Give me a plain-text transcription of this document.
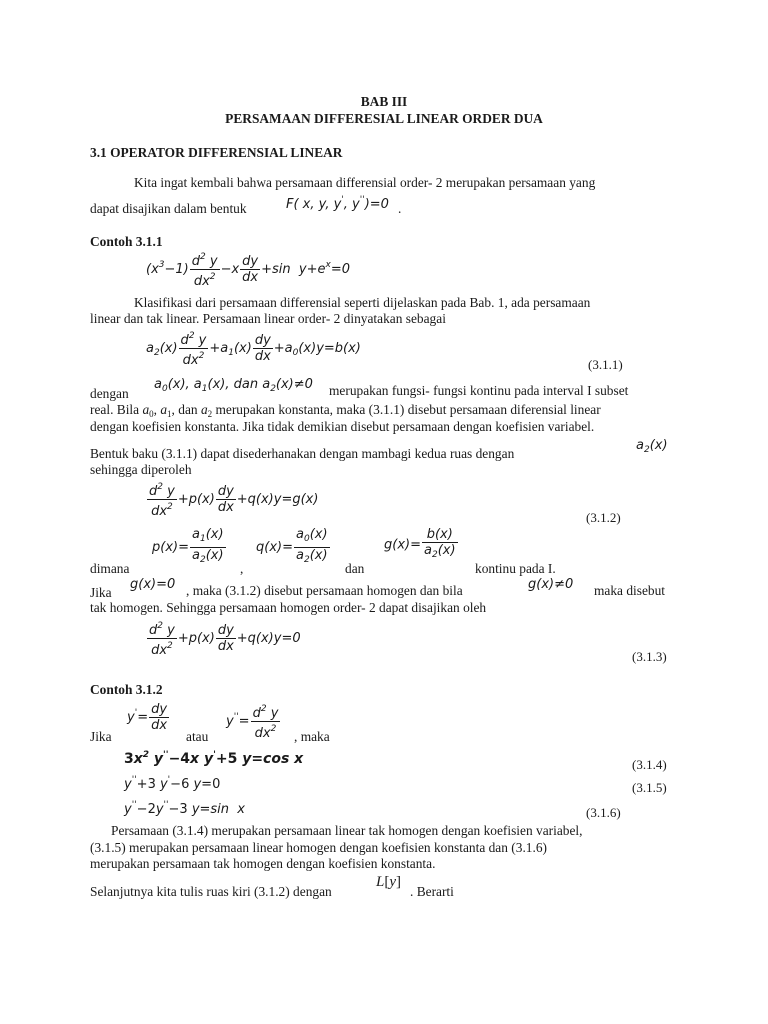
BAB III
PERSAMAAN DIFFERESIAL LINEAR ORDER DUA
3.1 OPERATOR DIFFERENSIAL LINEAR
Kita ingat kembali bahwa persamaan differensial order- 2 merupakan persamaan yang
dapat disajikan dalam bentuk	F( x, y, y', y'')=0 .
Contoh 3.1.1
$(x^3-1) \frac{d^2 y}{dx^2} -x \frac{dy}{dx} +\sin$  $y+e^x=0$
Klasifikasi dari persamaan differensial seperti dijelaskan pada Bab. 1, ada persamaan
linear dan tak linear. Persamaan linear order- 2 dinyatakan sebagai
$a_2(x) \frac{d^2 y}{dx^2} +a_1(x) \frac{dy}{dx} +a_0(x)y=b(x)$
(3.1.1)
dengan
$a_0(x)$, $a_1(x)$, dan $a_2(x)\ne 0$ merupakan fungsi- fungsi kontinu pada interval I subset
real. Bila $a_0$, $a_1$, dan $a_2$ merupakan konstanta, maka (3.1.1) disebut persamaan diferensial linear
dengan koefisien konstanta. Jika tidak demikian disebut persamaan dengan koefisien variabel.
Bentuk baku (3.1.1) dapat disederhanakan dengan mambagi kedua ruas dengan
$a_2(x)$
sehingga diperoleh
$\frac{d^2 y}{dx^2} +p(x) \frac{dy}{dx} +q(x)y=g(x)$
(3.1.2)
dimana
$p(x)= \frac{a_1(x)}{a_2(x)}$
,
$q(x)= \frac{a_0(x)}{a_2(x)}$
dan
$g(x)= \frac{b(x)}{a_2(x)}$
kontinu pada I.
Jika
g(x)=0 , maka (3.1.2) disebut persamaan homogen dan bila	g(x)≠0 maka disebut
tak homogen. Sehingga persamaan homogen order- 2 dapat disajikan oleh
$\frac{d^2 y}{dx^2} +p(x) \frac{dy}{dx} +q(x)y=0$
(3.1.3)
Contoh 3.1.2
Jika
$y'= \frac{dy}{dx}$
atau
$y''= \frac{d^2 y}{dx^2}$ , maka
$3x^2$ y''−4x y'+5 y=cos x	(3.1.4)
y''+3 y'−6 y=0	(3.1.5)
y''−2y''−3 y=sin  x	(3.1.6)
Persamaan (3.1.4) merupakan persamaan linear tak homogen dengan koefisien variabel,
(3.1.5) merupakan persamaan linear homogen dengan koefisien konstanta dan (3.1.6)
merupakan persamaan tak homogen dengan koefisien konstanta.
Selanjutnya kita tulis ruas kiri (3.1.2) dengan
L[y]
. Berarti
